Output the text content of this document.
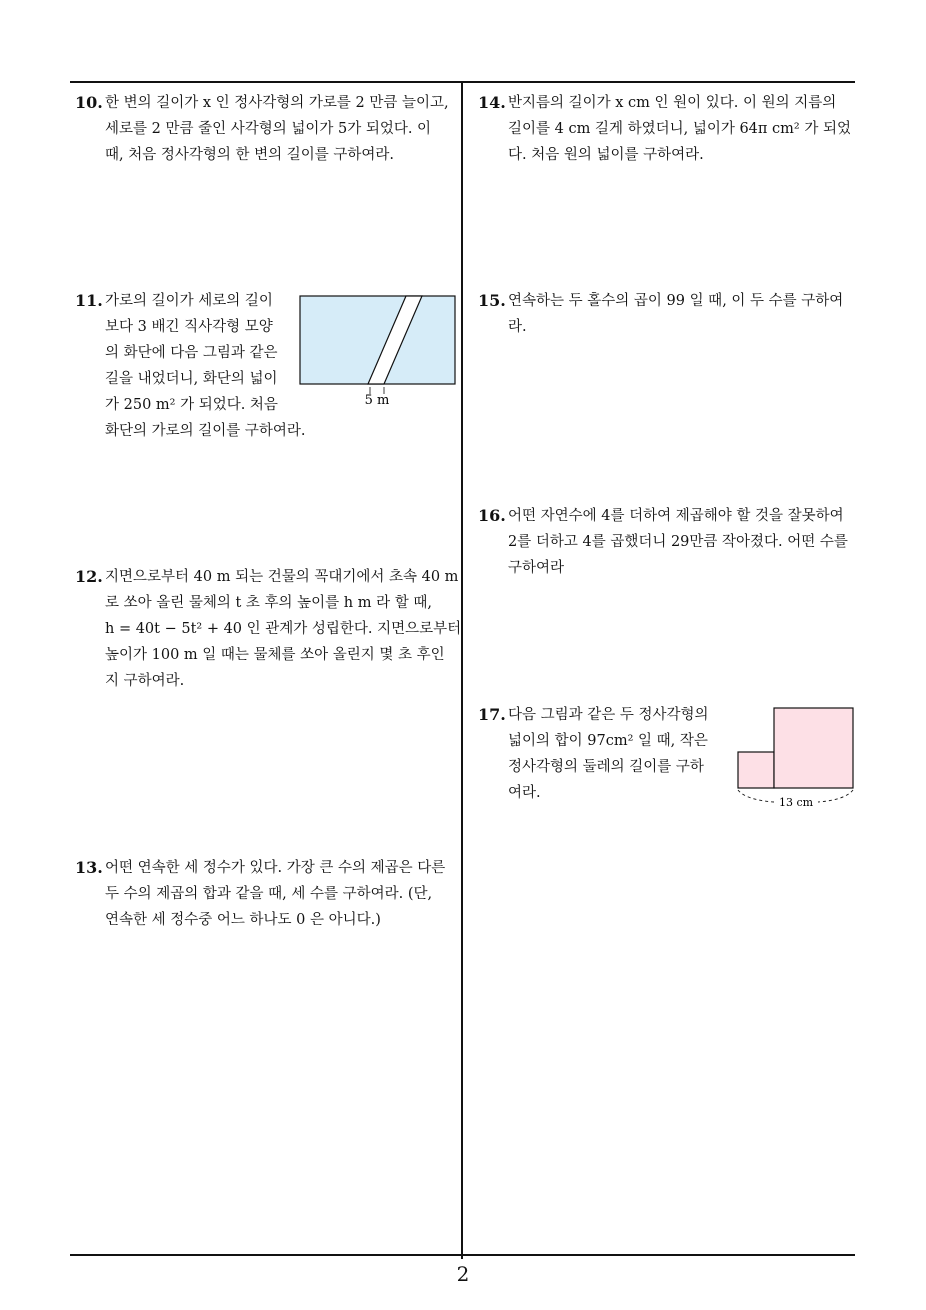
10. 한 변의 길이가 x 인 정사각형의 가로를 2 만큼 늘이고,
세로를 2 만큼 줄인 사각형의 넓이가 5가 되었다. 이
때, 처음 정사각형의 한 변의 길이를 구하여라.
11. 가로의 길이가 세로의 길이
보다 3 배긴 직사각형 모양
의 화단에 다음 그림과 같은
길을 내었더니, 화단의 넓이
가 250 m² 가 되었다. 처음
화단의 가로의 길이를 구하여라.
5 m
12. 지면으로부터 40 m 되는 건물의 꼭대기에서 초속 40 m
로 쏘아 올린 물체의 t 초 후의 높이를 h m 라 할 때,
h = 40t − 5t² + 40 인 관계가 성립한다. 지면으로부터
높이가 100 m 일 때는 물체를 쏘아 올린지 몇 초 후인
지 구하여라.
13. 어떤 연속한 세 정수가 있다. 가장 큰 수의 제곱은 다른
두 수의 제곱의 합과 같을 때, 세 수를 구하여라. (단,
연속한 세 정수중 어느 하나도 0 은 아니다.)
14. 반지름의 길이가 x cm 인 원이 있다. 이 원의 지름의
길이를 4 cm 길게 하였더니, 넓이가 64π cm² 가 되었
다. 처음 원의 넓이를 구하여라.
15. 연속하는 두 홀수의 곱이 99 일 때, 이 두 수를 구하여
라.
16. 어떤 자연수에 4를 더하여 제곱해야 할 것을 잘못하여
2를 더하고 4를 곱했더니 29만큼 작아졌다. 어떤 수를
구하여라
17. 다음 그림과 같은 두 정사각형의
넓이의 합이 97cm² 일 때, 작은
정사각형의 둘레의 길이를 구하
여라.
13 cm
2
